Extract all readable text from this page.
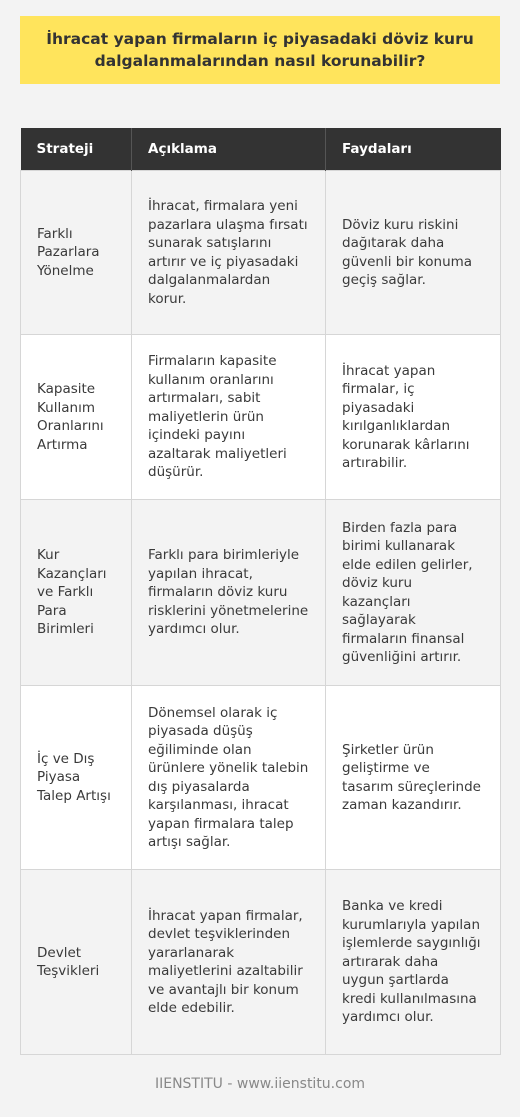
İhracat yapan firmaların iç piyasadaki döviz kuru dalgalanmalarından nasıl korunabilir?
Strateji	Açıklama	Faydaları
Farklı Pazarlara Yönelme	İhracat, firmalara yeni pazarlara ulaşma fırsatı sunarak satışlarını artırır ve iç piyasadaki dalgalanmalardan korur.	Döviz kuru riskini dağıtarak daha güvenli bir konuma geçiş sağlar.
Kapasite Kullanım Oranlarını Artırma	Firmaların kapasite kullanım oranlarını artırmaları, sabit maliyetlerin ürün içindeki payını azaltarak maliyetleri düşürür.	İhracat yapan firmalar, iç piyasadaki kırılganlıklardan korunarak kârlarını artırabilir.
Kur Kazançları ve Farklı Para Birimleri	Farklı para birimleriyle yapılan ihracat, firmaların döviz kuru risklerini yönetmelerine yardımcı olur.	Birden fazla para birimi kullanarak elde edilen gelirler, döviz kuru kazançları sağlayarak firmaların finansal güvenliğini artırır.
İç ve Dış Piyasa Talep Artışı	Dönemsel olarak iç piyasada düşüş eğiliminde olan ürünlere yönelik talebin dış piyasalarda karşılanması, ihracat yapan firmalara talep artışı sağlar.	Şirketler ürün geliştirme ve tasarım süreçlerinde zaman kazandırır.
Devlet Teşvikleri	İhracat yapan firmalar, devlet teşviklerinden yararlanarak maliyetlerini azaltabilir ve avantajlı bir konum elde edebilir.	Banka ve kredi kurumlarıyla yapılan işlemlerde saygınlığı artırarak daha uygun şartlarda kredi kullanılmasına yardımcı olur.
IIENSTITU - www.iienstitu.com
